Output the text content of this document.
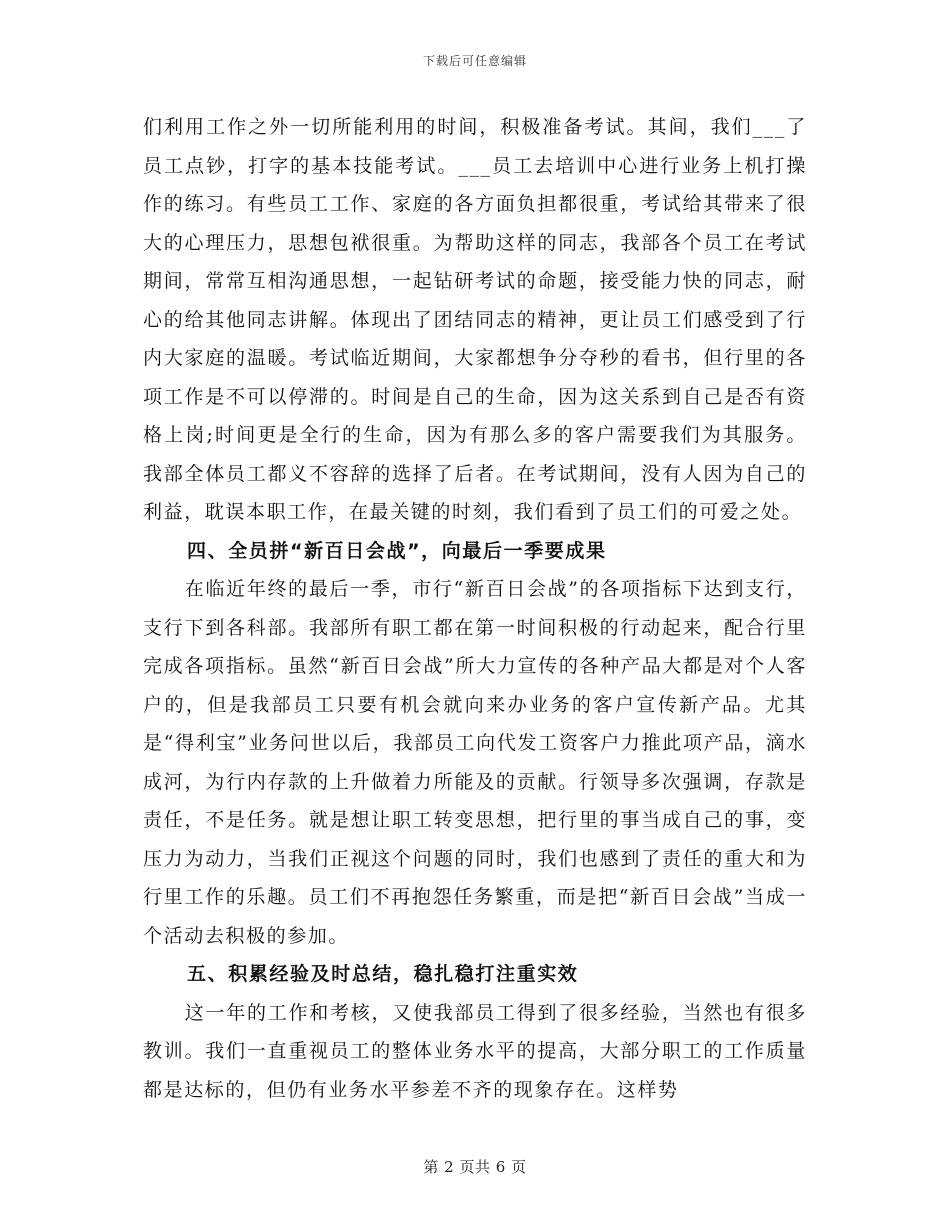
下载后可任意编辑

们利用工作之外一切所能利用的时间，积极准备考试。其间，我们___了员工点钞，打字的基本技能考试。___员工去培训中心进行业务上机打操作的练习。有些员工工作、家庭的各方面负担都很重，考试给其带来了很大的心理压力，思想包袱很重。为帮助这样的同志，我部各个员工在考试期间，常常互相沟通思想，一起钻研考试的命题，接受能力快的同志，耐心的给其他同志讲解。体现出了团结同志的精神，更让员工们感受到了行内大家庭的温暖。考试临近期间，大家都想争分夺秒的看书，但行里的各项工作是不可以停滞的。时间是自己的生命，因为这关系到自己是否有资格上岗;时间更是全行的生命，因为有那么多的客户需要我们为其服务。我部全体员工都义不容辞的选择了后者。在考试期间，没有人因为自己的利益，耽误本职工作，在最关键的时刻，我们看到了员工们的可爱之处。

四、全员拼“新百日会战”，向最后一季要成果

在临近年终的最后一季，市行“新百日会战”的各项指标下达到支行，支行下到各科部。我部所有职工都在第一时间积极的行动起来，配合行里完成各项指标。虽然“新百日会战”所大力宣传的各种产品大都是对个人客户的，但是我部员工只要有机会就向来办业务的客户宣传新产品。尤其是“得利宝”业务问世以后，我部员工向代发工资客户力推此项产品，滴水成河，为行内存款的上升做着力所能及的贡献。行领导多次强调，存款是责任，不是任务。就是想让职工转变思想，把行里的事当成自己的事，变压力为动力，当我们正视这个问题的同时，我们也感到了责任的重大和为行里工作的乐趣。员工们不再抱怨任务繁重，而是把“新百日会战”当成一个活动去积极的参加。

五、积累经验及时总结，稳扎稳打注重实效

这一年的工作和考核，又使我部员工得到了很多经验，当然也有很多教训。我们一直重视员工的整体业务水平的提高，大部分职工的工作质量都是达标的，但仍有业务水平参差不齐的现象存在。这样势

第 2 页共 6 页
